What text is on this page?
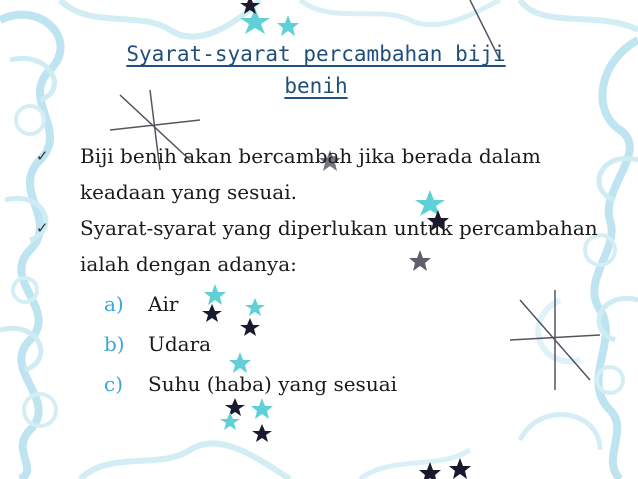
Syarat-syarat percambahan biji benih
✓ Biji benih akan bercambah jika berada dalam keadaan yang sesuai.
✓ Syarat-syarat yang diperlukan untuk percambahan ialah dengan adanya:
a)	Air
b)	Udara
c)	Suhu (haba) yang sesuai
